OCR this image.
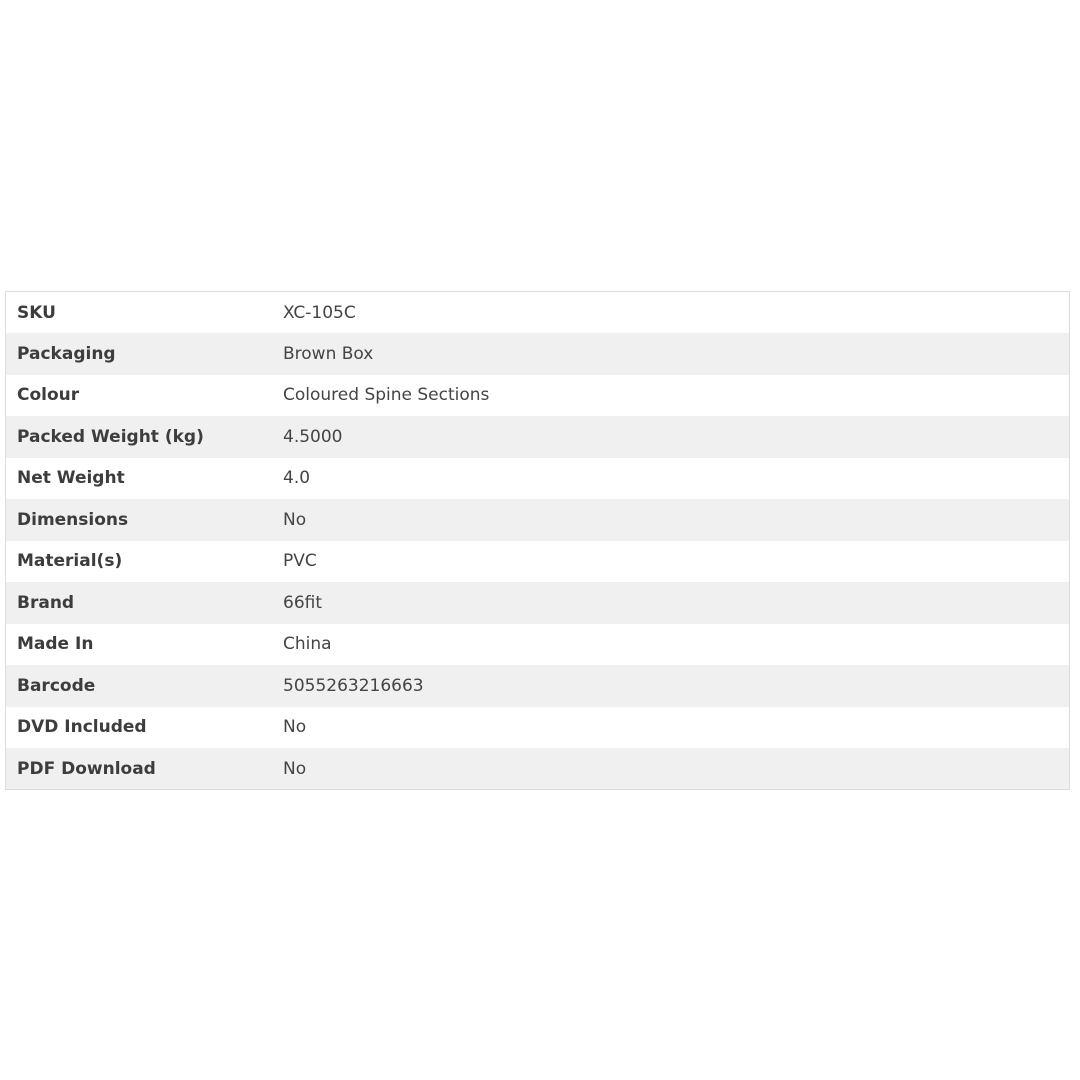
SKU	XC-105C
Packaging	Brown Box
Colour	Coloured Spine Sections
Packed Weight (kg)	4.5000
Net Weight	4.0
Dimensions	No
Material(s)	PVC
Brand	66fit
Made In	China
Barcode	5055263216663
DVD Included	No
PDF Download	No
